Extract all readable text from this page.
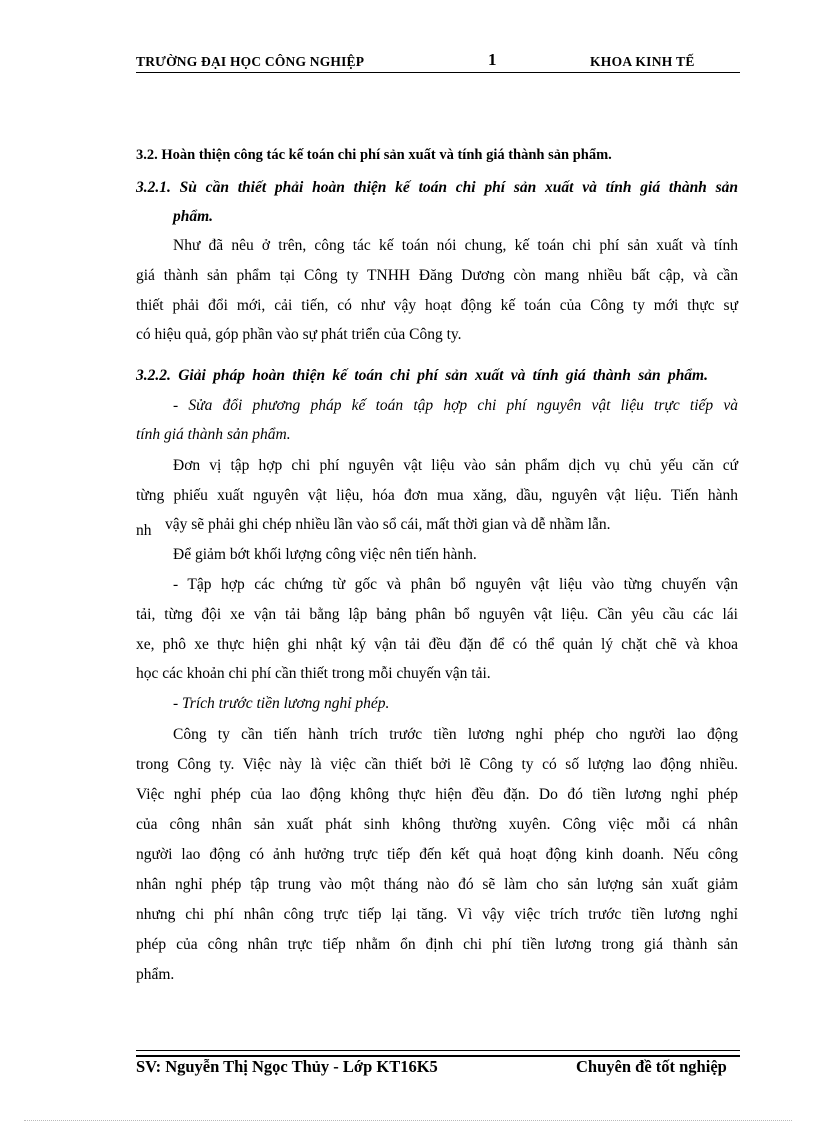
TRƯỜNG ĐẠI HỌC CÔNG NGHIỆP	1	KHOA KINH TẾ
3.2. Hoàn thiện công tác kế toán chi phí sản xuất và tính giá thành sản phẩm.
3.2.1. Sù cần thiết phải hoàn thiện kế toán chi phí sản xuất và tính giá thành sản
phẩm.
Như đã nêu ở trên, công tác kế toán nói chung, kế toán chi phí sản xuất và tính
giá thành sản phẩm tại Công ty TNHH Đăng Dương còn mang nhiều bất cập, và cần
thiết phải đổi mới, cải tiến, có như vậy hoạt động kế toán của Công ty mới thực sự
có hiệu quả, góp phần vào sự phát triển của Công ty.
3.2.2. Giải pháp hoàn thiện kế toán chi phí sản xuất và tính giá thành sản phẩm.
- Sửa đổi phương pháp kế toán tập hợp chi phí nguyên vật liệu trực tiếp và
tính giá thành sản phẩm.
Đơn vị tập hợp chi phí nguyên vật liệu vào sản phẩm dịch vụ chủ yếu căn cứ
từng phiếu xuất nguyên vật liệu, hóa đơn mua xăng, dầu, nguyên vật liệu. Tiến hành
nh vậy sẽ phải ghi chép nhiều lần vào sổ cái, mất thời gian và dễ nhầm lẫn.
Để giảm bớt khối lượng công việc nên tiến hành.
- Tập hợp các chứng từ gốc và phân bổ nguyên vật liệu vào từng chuyến vận
tải, từng đội xe vận tải bằng lập bảng phân bổ nguyên vật liệu. Cần yêu cầu các lái
xe, phô xe thực hiện ghi nhật ký vận tải đều đặn để có thể quản lý chặt chẽ và khoa
học các khoản chi phí cần thiết trong mỗi chuyến vận tải.
- Trích trước tiền lương nghỉ phép.
Công ty cần tiến hành trích trước tiền lương nghỉ phép cho người lao động
trong Công ty. Việc này là việc cần thiết bởi lẽ Công ty có số lượng lao động nhiều.
Việc nghỉ phép của lao động không thực hiện đều đặn. Do đó tiền lương nghỉ phép
của công nhân sản xuất phát sinh không thường xuyên. Công việc mỗi cá nhân
người lao động có ảnh hưởng trực tiếp đến kết quả hoạt động kinh doanh. Nếu công
nhân nghỉ phép tập trung vào một tháng nào đó sẽ làm cho sản lượng sản xuất giảm
nhưng chi phí nhân công trực tiếp lại tăng. Vì vậy việc trích trước tiền lương nghỉ
phép của công nhân trực tiếp nhằm ổn định chi phí tiền lương trong giá thành sản
phẩm.
SV: Nguyễn Thị Ngọc Thủy - Lớp KT16K5	Chuyên đề tốt nghiệp
